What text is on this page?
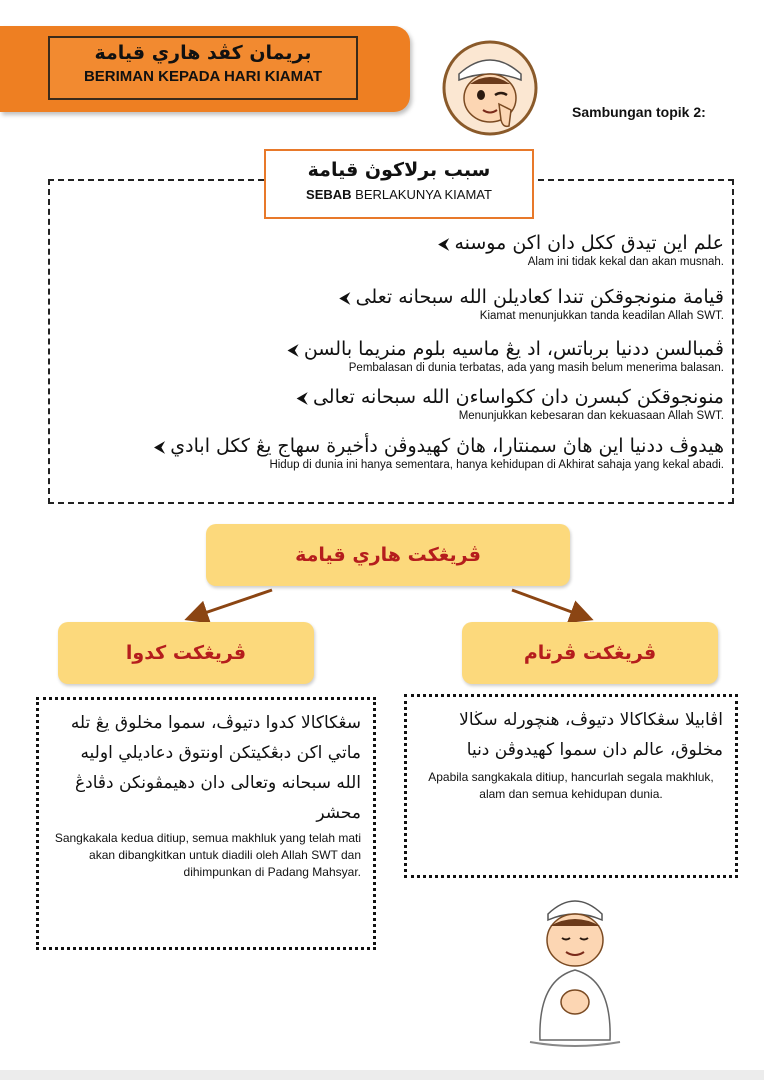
بريمان كڤد هاري قيامة
BERIMAN KEPADA HARI KIAMAT
Sambungan topik 2:
سبب برلاكوڽ قيامة
SEBAB BERLAKUNYA KIAMAT
علم اين تيدق ككل دان اكن موسنه ⮜
Alam ini tidak kekal dan akan musnah.
قيامة منونجوقكن تندا كعاديلن الله سبحانه تعلى ⮜
Kiamat menunjukkan tanda keadilan Allah SWT.
ڤمبالسن ددنيا برباتس، اد يڠ ماسيه بلوم منريما بالسن ⮜
Pembalasan di dunia terbatas, ada yang masih belum menerima balasan.
منونجوقكن كبسرن دان ككواساءن الله سبحانه تعالى ⮜
Menunjukkan kebesaran dan kekuasaan Allah SWT.
هيدوڤ ددنيا اين هاڽ سمنتارا، هاڽ كهيدوڤن دأخيرة سهاج يڠ ككل ابادي ⮜
Hidup di dunia ini hanya sementara, hanya kehidupan di Akhirat sahaja yang kekal abadi.
ڤريڠكت هاري قيامة
ڤريڠكت ڤرتام
ڤريڠكت كدوا
اڤابيلا سڠكاكالا دتيوڤ، هنچورله سڬالا مخلوق، عالم دان سموا كهيدوڤن دنيا
Apabila sangkakala ditiup, hancurlah segala makhluk, alam dan semua kehidupan dunia.
سڠكاكالا كدوا دتيوڤ، سموا مخلوق يڠ تله ماتي اكن دبڠكيتكن اونتوق دعاديلي اوليه الله سبحانه وتعالى دان دهيمڤونكن دڤادڠ محشر
Sangkakala kedua ditiup, semua makhluk yang telah mati akan dibangkitkan untuk diadili oleh Allah SWT dan dihimpunkan di Padang Mahsyar.
